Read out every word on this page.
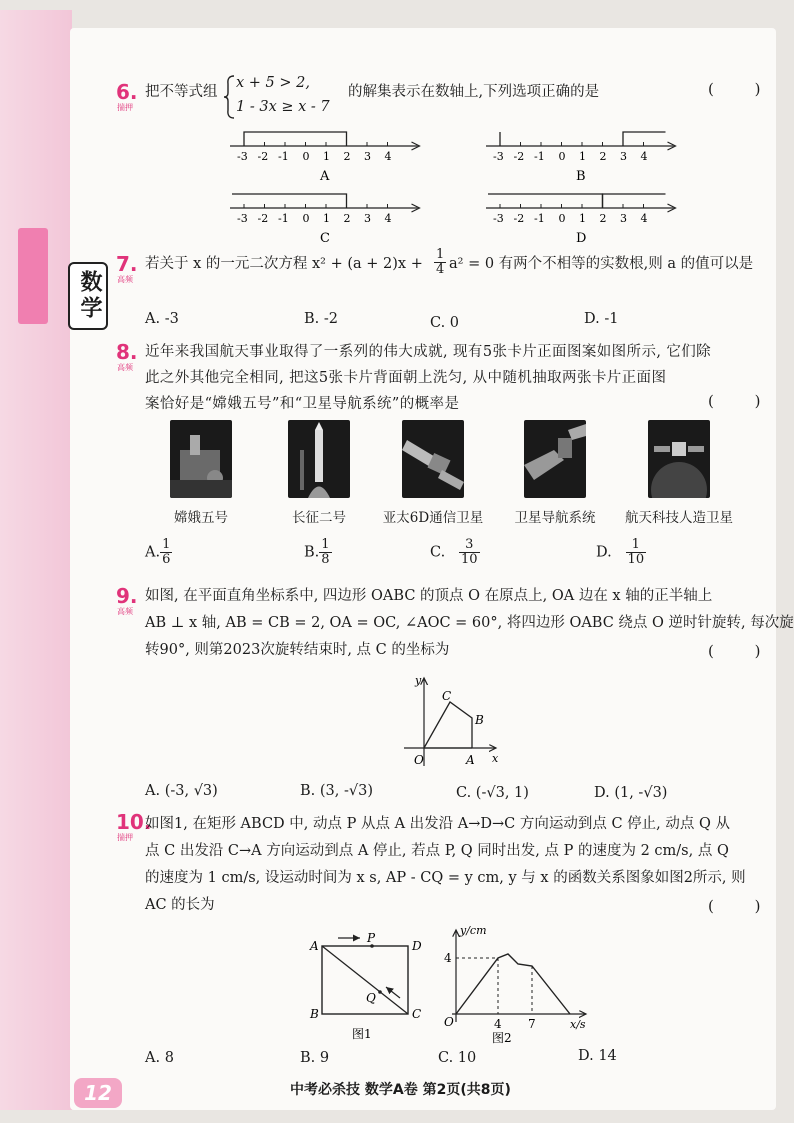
数学
6.
揣押
把不等式组
x + 5 > 2,
1 - 3x ≥ x - 7
的解集表示在数轴上,下列选项正确的是	( )
-3 -2 -1 0 1 2 3 4
A
-3 -2 -1 0 1 2 3 4
B
-3 -2 -1 0 1 2 3 4
C
-3 -2 -1 0 1 2 3 4
D
7.
高频
若关于 x 的一元二次方程 $x^2 + (a + 2)x + \frac{1}{4} a^2 = 0$ 有两个不相等的实数根,则 a 的值可以是
A. -3	B. -2	C. 0	D. -1
8.
高频
近年来我国航天事业取得了一系列的伟大成就, 现有5张卡片正面图案如图所示, 它们除
此之外其他完全相同, 把这5张卡片背面朝上洗匀, 从中随机抽取两张卡片正面图
案恰好是“嫦娥五号”和“卫星导航系统”的概率是	( )
嫦娥五号	长征二号	亚太6D通信卫星	卫星导航系统	航天科技人造卫星
A. $\frac{1}{6}$	B. $\frac{1}{8}$	C. $\frac{3}{10}$	D. $\frac{1}{10}$
9.
高频
如图, 在平面直角坐标系中, 四边形 OABC 的顶点 O 在原点上, OA 边在 x 轴的正半轴上
AB ⊥ x 轴, AB = CB = 2, OA = OC, ∠AOC = 60°, 将四边形 OABC 绕点 O 逆时针旋转, 每次旋
转90°, 则第2023次旋转结束时, 点 C 的坐标为	( )
y
x
O	A
B
C
A. (-3, √3)	B. (3, -√3)	C. (-√3, 1)	D. (1, -√3)
10.
揣押
如图1, 在矩形 ABCD 中, 动点 P 从点 A 出发沿 A→D→C 方向运动到点 C 停止, 动点 Q 从
点 C 出发沿 C→A 方向运动到点 A 停止, 若点 P, Q 同时出发, 点 P 的速度为 2 cm/s, 点 Q
的速度为 1 cm/s, 设运动时间为 x s, AP - CQ = y cm, y 与 x 的函数关系图象如图2所示, 则
AC 的长为	( )
A
P
D
B
Q
C
图1
y/cm
4
O	4 7	x/s
图2
A. 8	B. 9	C. 10	D. 14
12	中考必杀技 数学A卷 第2页(共8页)
